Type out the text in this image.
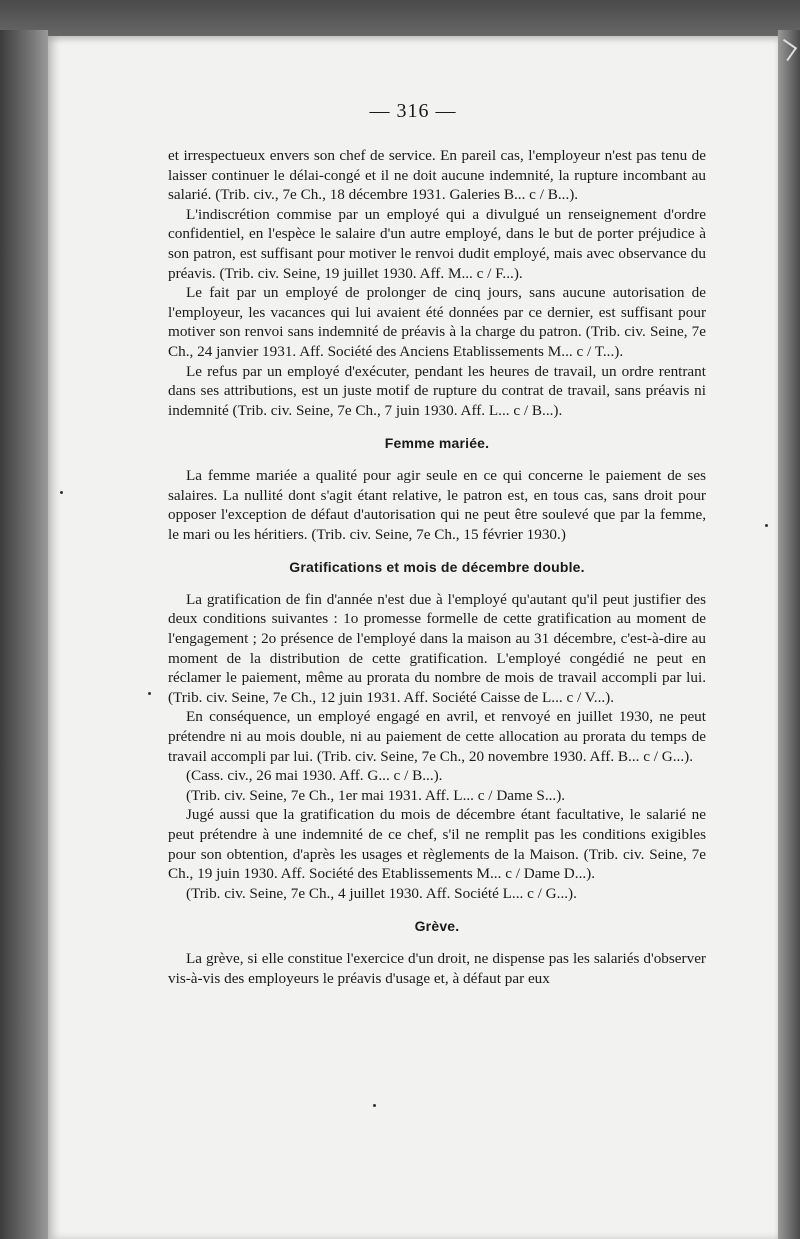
— 316 —

et irrespectueux envers son chef de service. En pareil cas, l'employeur n'est pas tenu de laisser continuer le délai-congé et il ne doit aucune indemnité, la rupture incombant au salarié. (Trib. civ., 7e Ch., 18 décembre 1931. Galeries B... c / B...).

L'indiscrétion commise par un employé qui a divulgué un renseignement d'ordre confidentiel, en l'espèce le salaire d'un autre employé, dans le but de porter préjudice à son patron, est suffisant pour motiver le renvoi dudit employé, mais avec observance du préavis. (Trib. civ. Seine, 19 juillet 1930. Aff. M... c / F...).

Le fait par un employé de prolonger de cinq jours, sans aucune autorisation de l'employeur, les vacances qui lui avaient été données par ce dernier, est suffisant pour motiver son renvoi sans indemnité de préavis à la charge du patron. (Trib. civ. Seine, 7e Ch., 24 janvier 1931. Aff. Société des Anciens Etablissements M... c / T...).

Le refus par un employé d'exécuter, pendant les heures de travail, un ordre rentrant dans ses attributions, est un juste motif de rupture du contrat de travail, sans préavis ni indemnité (Trib. civ. Seine, 7e Ch., 7 juin 1930. Aff. L... c / B...).

Femme mariée.

La femme mariée a qualité pour agir seule en ce qui concerne le paiement de ses salaires. La nullité dont s'agit étant relative, le patron est, en tous cas, sans droit pour opposer l'exception de défaut d'autorisation qui ne peut être soulevé que par la femme, le mari ou les héritiers. (Trib. civ. Seine, 7e Ch., 15 février 1930.)

Gratifications et mois de décembre double.

La gratification de fin d'année n'est due à l'employé qu'autant qu'il peut justifier des deux conditions suivantes : 1o promesse formelle de cette gratification au moment de l'engagement ; 2o présence de l'employé dans la maison au 31 décembre, c'est-à-dire au moment de la distribution de cette gratification. L'employé congédié ne peut en réclamer le paiement, même au prorata du nombre de mois de travail accompli par lui. (Trib. civ. Seine, 7e Ch., 12 juin 1931. Aff. Société Caisse de L... c / V...).

En conséquence, un employé engagé en avril, et renvoyé en juillet 1930, ne peut prétendre ni au mois double, ni au paiement de cette allocation au prorata du temps de travail accompli par lui. (Trib. civ. Seine, 7e Ch., 20 novembre 1930. Aff. B... c / G...).

(Cass. civ., 26 mai 1930. Aff. G... c / B...).

(Trib. civ. Seine, 7e Ch., 1er mai 1931. Aff. L... c / Dame S...).

Jugé aussi que la gratification du mois de décembre étant facultative, le salarié ne peut prétendre à une indemnité de ce chef, s'il ne remplit pas les conditions exigibles pour son obtention, d'après les usages et règlements de la Maison. (Trib. civ. Seine, 7e Ch., 19 juin 1930. Aff. Société des Etablissements M... c / Dame D...).

(Trib. civ. Seine, 7e Ch., 4 juillet 1930. Aff. Société L... c / G...).

Grève.

La grève, si elle constitue l'exercice d'un droit, ne dispense pas les salariés d'observer vis-à-vis des employeurs le préavis d'usage et, à défaut par eux
